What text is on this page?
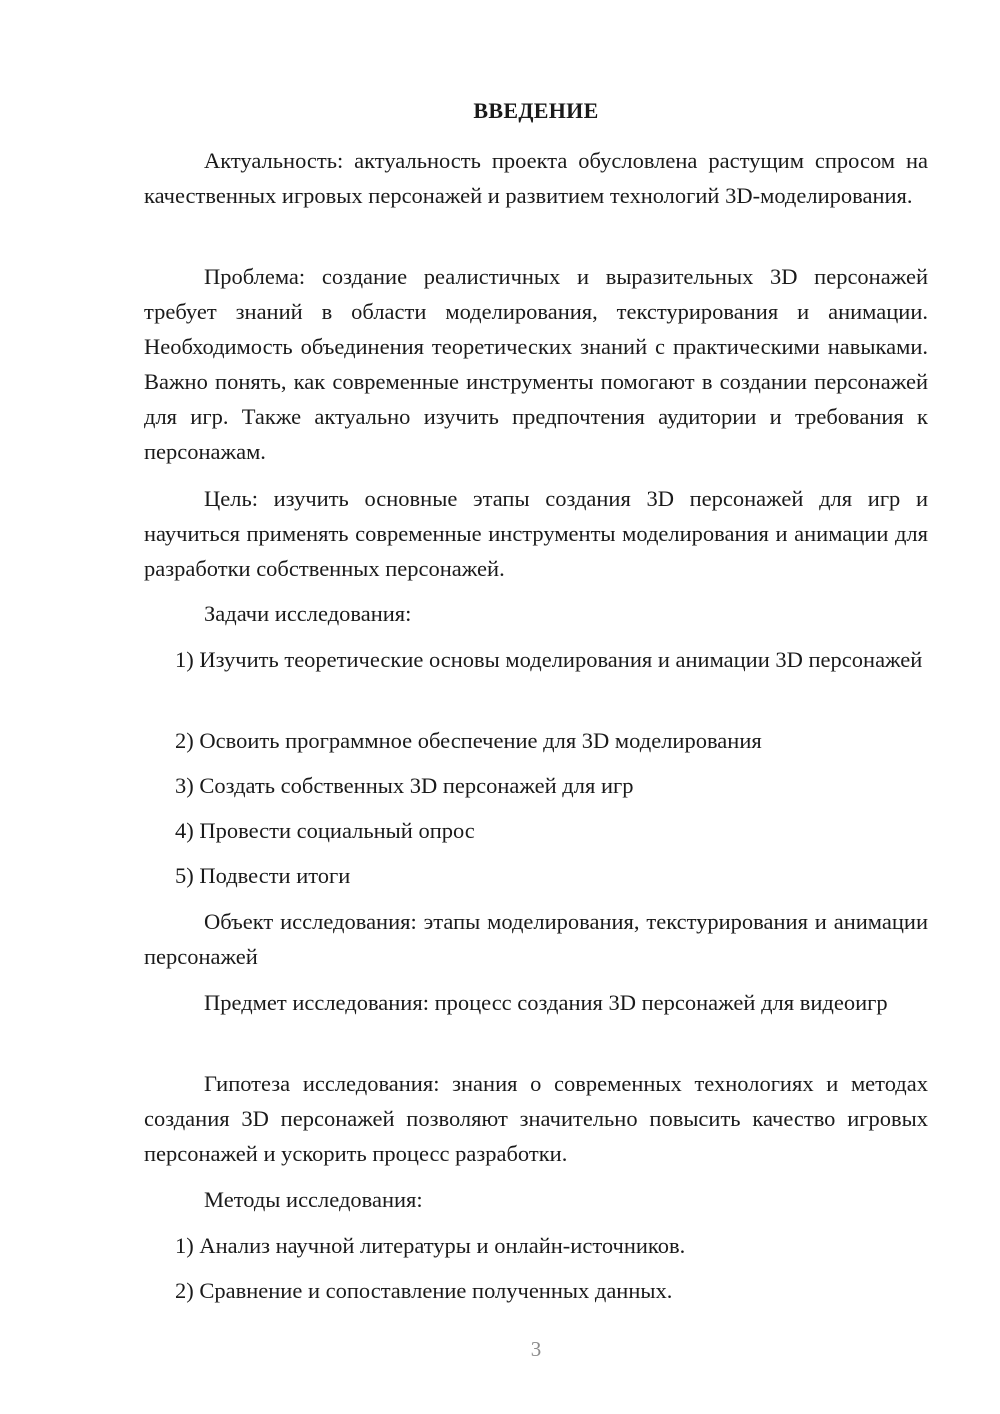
ВВЕДЕНИЕ

Актуальность: актуальность проекта обусловлена растущим спросом на качественных игровых персонажей и развитием технологий 3D-моделирования.

Проблема: создание реалистичных и выразительных 3D персонажей требует знаний в области моделирования, текстурирования и анимации. Необходимость объединения теоретических знаний с практическими навыками. Важно понять, как современные инструменты помогают в создании персонажей для игр. Также актуально изучить предпочтения аудитории и требования к персонажам.

Цель: изучить основные этапы создания 3D персонажей для игр и научиться применять современные инструменты моделирования и анимации для разработки собственных персонажей.

Задачи исследования:

1) Изучить теоретические основы моделирования и анимации 3D персонажей

2) Освоить программное обеспечение для 3D моделирования

3) Создать собственных 3D персонажей для игр

4) Провести социальный опрос

5) Подвести итоги

Объект исследования: этапы моделирования, текстурирования и анимации персонажей

Предмет исследования: процесс создания 3D персонажей для видеоигр

Гипотеза исследования: знания о современных технологиях и методах создания 3D персонажей позволяют значительно повысить качество игровых персонажей и ускорить процесс разработки.

Методы исследования:

1) Анализ научной литературы и онлайн-источников.

2) Сравнение и сопоставление полученных данных.

3
